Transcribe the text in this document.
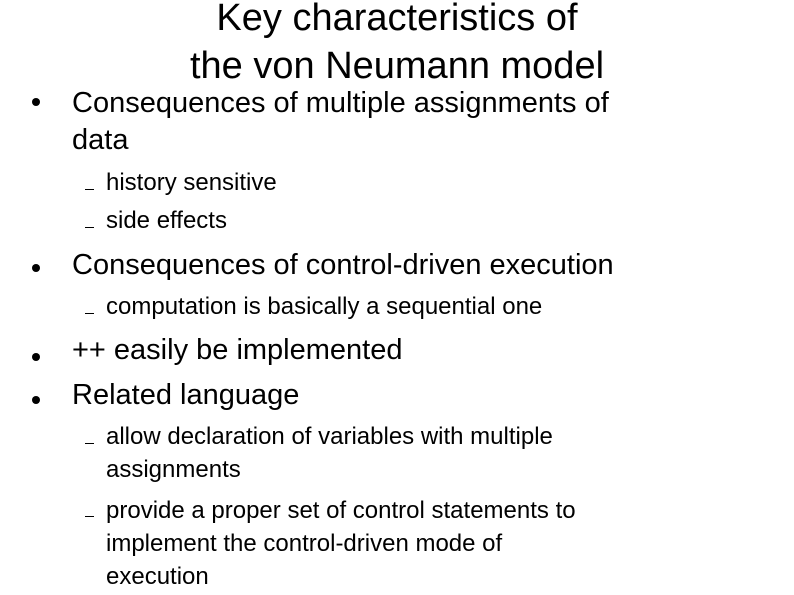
Key characteristics of
the von Neumann model
Consequences of multiple assignments of
data
history sensitive
side effects
Consequences of control-driven execution
computation is basically a sequential one
++ easily be implemented
Related language
allow declaration of variables with multiple
assignments
provide a proper set of control statements to
implement the control-driven mode of
execution
